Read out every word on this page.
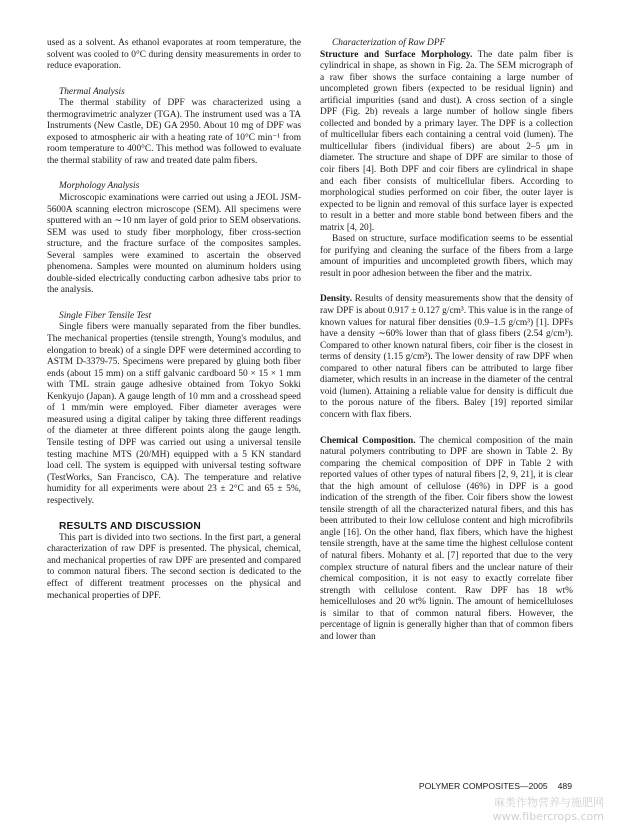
used as a solvent. As ethanol evaporates at room temperature, the solvent was cooled to 0°C during density measurements in order to reduce evaporation.

Thermal Analysis

The thermal stability of DPF was characterized using a thermogravimetric analyzer (TGA). The instrument used was a TA Instruments (New Castle, DE) GA 2950. About 10 mg of DPF was exposed to atmospheric air with a heating rate of 10°C min⁻¹ from room temperature to 400°C. This method was followed to evaluate the thermal stability of raw and treated date palm fibers.

Morphology Analysis

Microscopic examinations were carried out using a JEOL JSM-5600A scanning electron microscope (SEM). All specimens were sputtered with an ∼10 nm layer of gold prior to SEM observations. SEM was used to study fiber morphology, fiber cross-section structure, and the fracture surface of the composites samples. Several samples were examined to ascertain the observed phenomena. Samples were mounted on aluminum holders using double-sided electrically conducting carbon adhesive tabs prior to the analysis.

Single Fiber Tensile Test

Single fibers were manually separated from the fiber bundles. The mechanical properties (tensile strength, Young's modulus, and elongation to break) of a single DPF were determined according to ASTM D-3379-75. Specimens were prepared by gluing both fiber ends (about 15 mm) on a stiff galvanic cardboard 50 × 15 × 1 mm with TML strain gauge adhesive obtained from Tokyo Sokki Kenkyujo (Japan). A gauge length of 10 mm and a crosshead speed of 1 mm/min were employed. Fiber diameter averages were measured using a digital caliper by taking three different readings of the diameter at three different points along the gauge length. Tensile testing of DPF was carried out using a universal tensile testing machine MTS (20/MH) equipped with a 5 KN standard load cell. The system is equipped with universal testing software (TestWorks, San Francisco, CA). The temperature and relative humidity for all experiments were about 23 ± 2°C and 65 ± 5%, respectively.

RESULTS AND DISCUSSION

This part is divided into two sections. In the first part, a general characterization of raw DPF is presented. The physical, chemical, and mechanical properties of raw DPF are presented and compared to common natural fibers. The second section is dedicated to the effect of different treatment processes on the physical and mechanical properties of DPF.

Characterization of Raw DPF

Structure and Surface Morphology. The date palm fiber is cylindrical in shape, as shown in Fig. 2a. The SEM micrograph of a raw fiber shows the surface containing a large number of uncompleted grown fibers (expected to be residual lignin) and artificial impurities (sand and dust). A cross section of a single DPF (Fig. 2b) reveals a large number of hollow single fibers collected and bonded by a primary layer. The DPF is a collection of multicellular fibers each containing a central void (lumen). The multicellular fibers (individual fibers) are about 2–5 μm in diameter. The structure and shape of DPF are similar to those of coir fibers [4]. Both DPF and coir fibers are cylindrical in shape and each fiber consists of multicellular fibers. According to morphological studies performed on coir fiber, the outer layer is expected to be lignin and removal of this surface layer is expected to result in a better and more stable bond between fibers and the matrix [4, 20].

Based on structure, surface modification seems to be essential for purifying and cleaning the surface of the fibers from a large amount of impurities and uncompleted growth fibers, which may result in poor adhesion between the fiber and the matrix.

Density. Results of density measurements show that the density of raw DPF is about 0.917 ± 0.127 g/cm³. This value is in the range of known values for natural fiber densities (0.9–1.5 g/cm³) [1]. DPFs have a density ∼60% lower than that of glass fibers (2.54 g/cm³). Compared to other known natural fibers, coir fiber is the closest in terms of density (1.15 g/cm³). The lower density of raw DPF when compared to other natural fibers can be attributed to large fiber diameter, which results in an increase in the diameter of the central void (lumen). Attaining a reliable value for density is difficult due to the porous nature of the fibers. Baley [19] reported similar concern with flax fibers.

Chemical Composition. The chemical composition of the main natural polymers contributing to DPF are shown in Table 2. By comparing the chemical composition of DPF in Table 2 with reported values of other types of natural fibers [2, 9, 21], it is clear that the high amount of cellulose (46%) in DPF is a good indication of the strength of the fiber. Coir fibers show the lowest tensile strength of all the characterized natural fibers, and this has been attributed to their low cellulose content and high microfibrils angle [16]. On the other hand, flax fibers, which have the highest tensile strength, have at the same time the highest cellulose content of natural fibers. Mohanty et al. [7] reported that due to the very complex structure of natural fibers and the unclear nature of their chemical composition, it is not easy to exactly correlate fiber strength with cellulose content. Raw DPF has 18 wt% hemicelluloses and 20 wt% lignin. The amount of hemicelluloses is similar to that of common natural fibers. However, the percentage of lignin is generally higher than that of common fibers and lower than

POLYMER COMPOSITES—2005 489
麻类作物营养与施肥网
www.fibercrops.com
